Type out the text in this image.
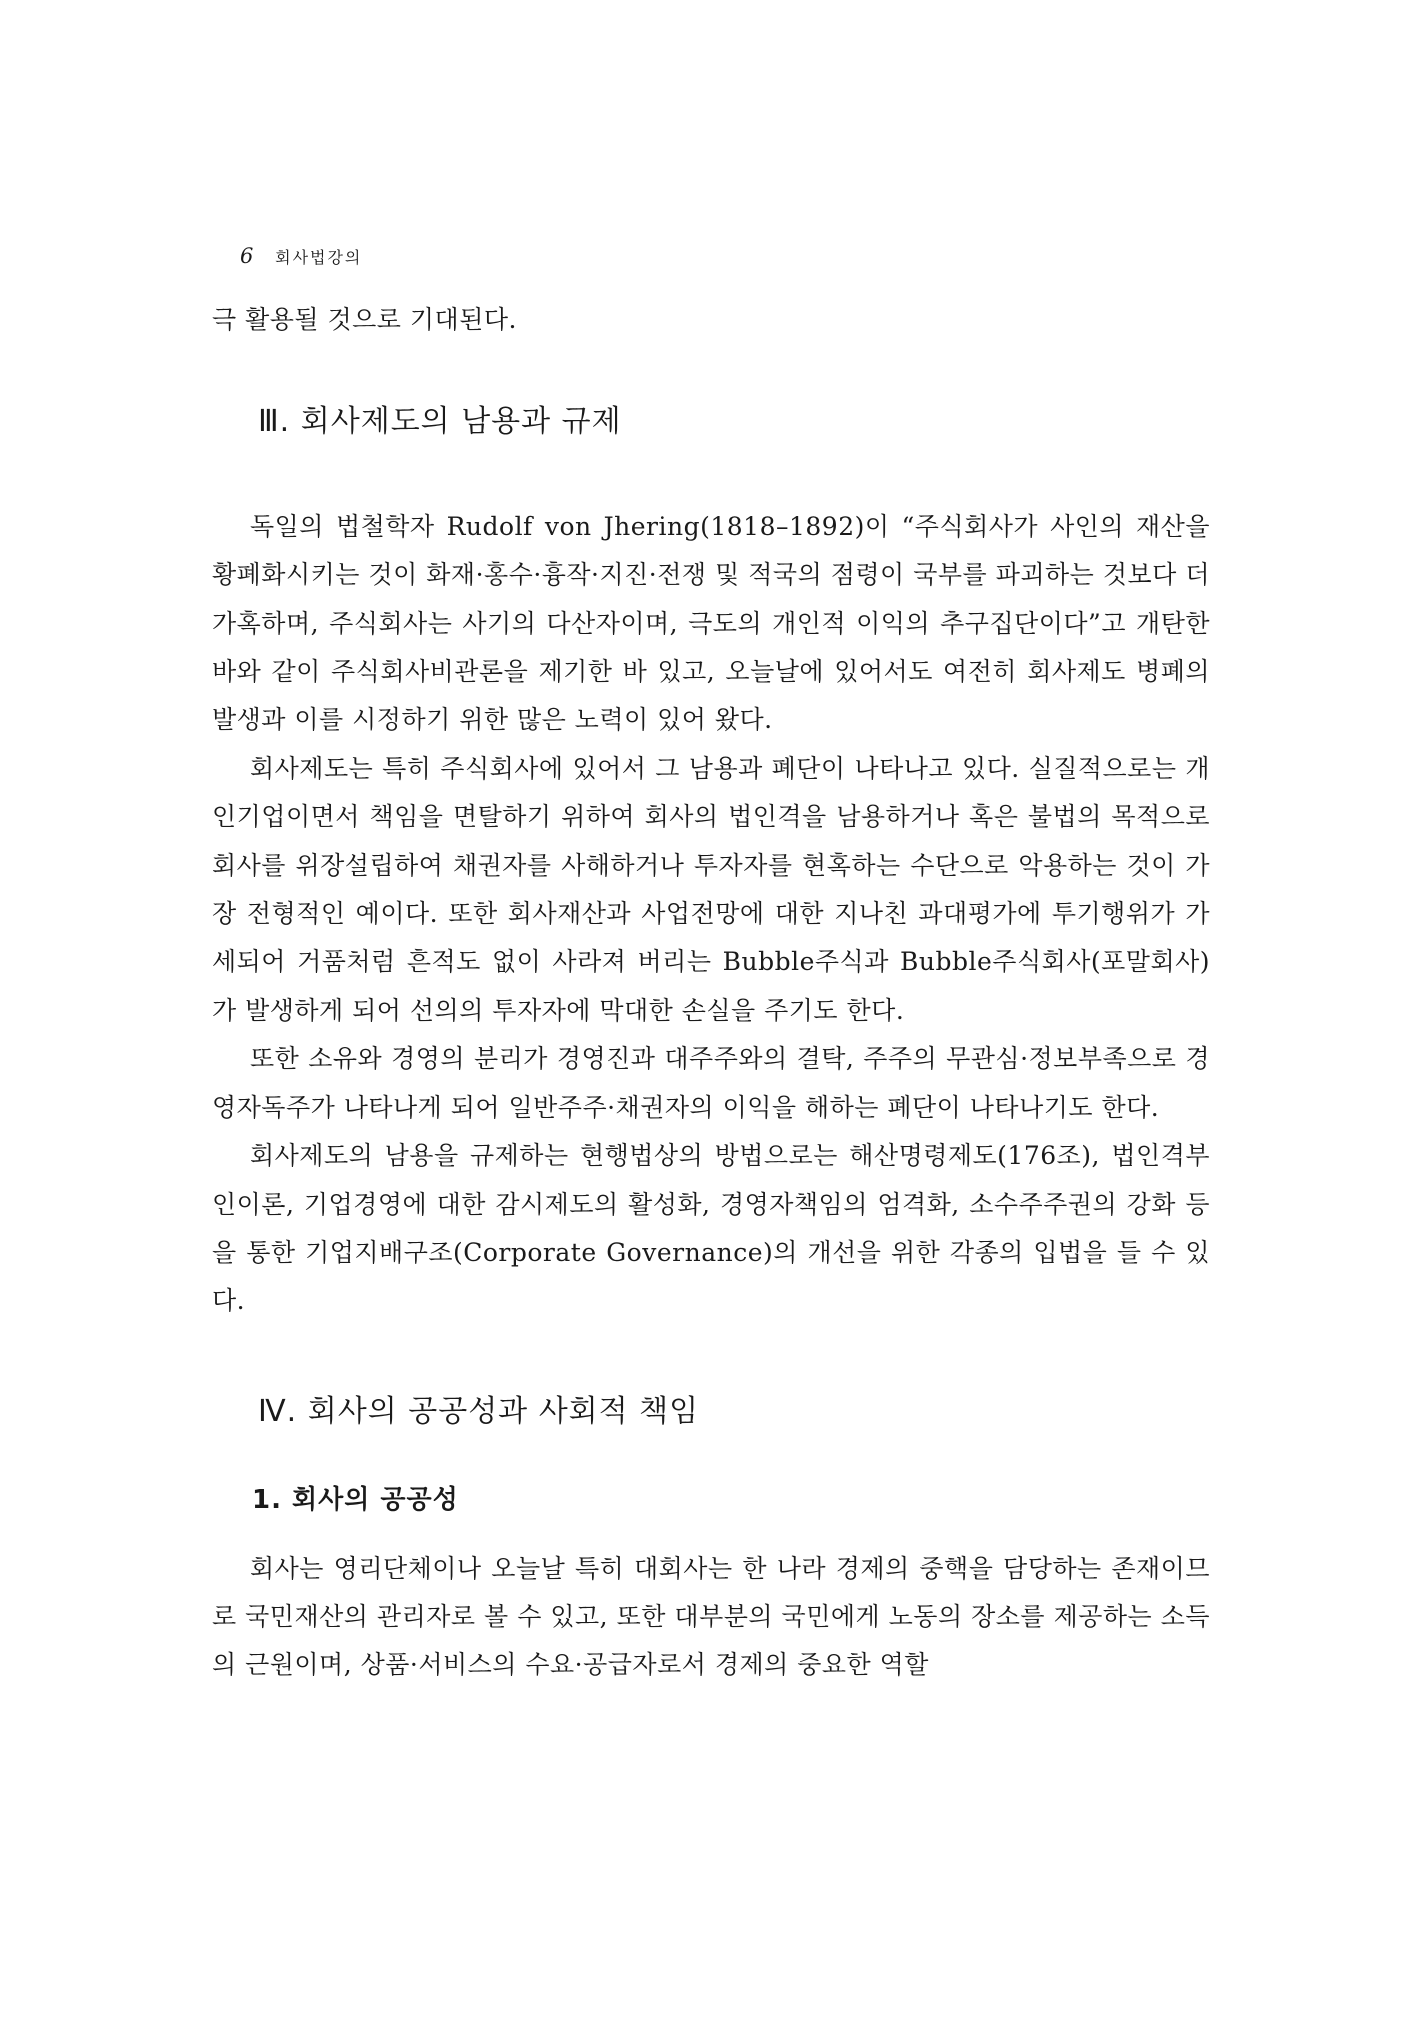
6 회사법강의

극 활용될 것으로 기대된다.

Ⅲ. 회사제도의 남용과 규제

독일의 법철학자 Rudolf von Jhering(1818–1892)이 “주식회사가 사인의 재산을 황폐화시키는 것이 화재·홍수·흉작·지진·전쟁 및 적국의 점령이 국부를 파괴하는 것보다 더 가혹하며, 주식회사는 사기의 다산자이며, 극도의 개인적 이익의 추구집단이다”고 개탄한 바와 같이 주식회사비관론을 제기한 바 있고, 오늘날에 있어서도 여전히 회사제도 병폐의 발생과 이를 시정하기 위한 많은 노력이 있어 왔다.

회사제도는 특히 주식회사에 있어서 그 남용과 폐단이 나타나고 있다. 실질적으로는 개인기업이면서 책임을 면탈하기 위하여 회사의 법인격을 남용하거나 혹은 불법의 목적으로 회사를 위장설립하여 채권자를 사해하거나 투자자를 현혹하는 수단으로 악용하는 것이 가장 전형적인 예이다. 또한 회사재산과 사업전망에 대한 지나친 과대평가에 투기행위가 가세되어 거품처럼 흔적도 없이 사라져 버리는 Bubble주식과 Bubble주식회사(포말회사)가 발생하게 되어 선의의 투자자에 막대한 손실을 주기도 한다.

또한 소유와 경영의 분리가 경영진과 대주주와의 결탁, 주주의 무관심·정보부족으로 경영자독주가 나타나게 되어 일반주주·채권자의 이익을 해하는 폐단이 나타나기도 한다.

회사제도의 남용을 규제하는 현행법상의 방법으로는 해산명령제도(176조), 법인격부인이론, 기업경영에 대한 감시제도의 활성화, 경영자책임의 엄격화, 소수주주권의 강화 등을 통한 기업지배구조(Corporate Governance)의 개선을 위한 각종의 입법을 들 수 있다.

Ⅳ. 회사의 공공성과 사회적 책임
1. 회사의 공공성

회사는 영리단체이나 오늘날 특히 대회사는 한 나라 경제의 중핵을 담당하는 존재이므로 국민재산의 관리자로 볼 수 있고, 또한 대부분의 국민에게 노동의 장소를 제공하는 소득의 근원이며, 상품·서비스의 수요·공급자로서 경제의 중요한 역할
